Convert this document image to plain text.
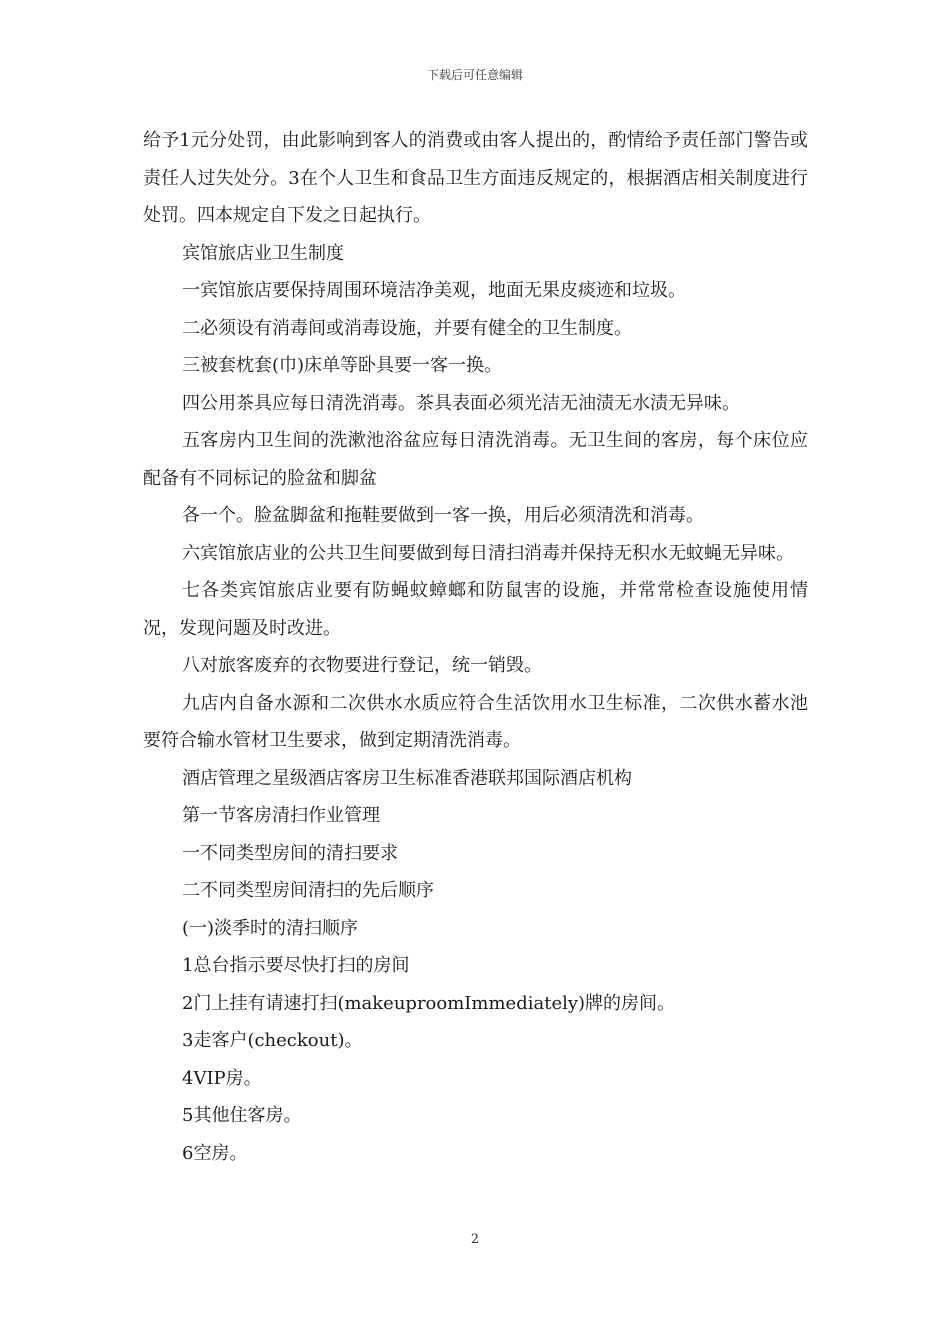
下载后可任意编辑

给予1元分处罚，由此影响到客人的消费或由客人提出的，酌情给予责任部门警告或责任人过失处分。3在个人卫生和食品卫生方面违反规定的，根据酒店相关制度进行处罚。四本规定自下发之日起执行。

宾馆旅店业卫生制度

一宾馆旅店要保持周围环境洁净美观，地面无果皮痰迹和垃圾。

二必须设有消毒间或消毒设施，并要有健全的卫生制度。

三被套枕套(巾)床单等卧具要一客一换。

四公用茶具应每日清洗消毒。茶具表面必须光洁无油渍无水渍无异味。

五客房内卫生间的洗漱池浴盆应每日清洗消毒。无卫生间的客房，每个床位应配备有不同标记的脸盆和脚盆

各一个。脸盆脚盆和拖鞋要做到一客一换，用后必须清洗和消毒。

六宾馆旅店业的公共卫生间要做到每日清扫消毒并保持无积水无蚊蝇无异味。

七各类宾馆旅店业要有防蝇蚊蟑螂和防鼠害的设施，并常常检查设施使用情况，发现问题及时改进。

八对旅客废弃的衣物要进行登记，统一销毁。

九店内自备水源和二次供水水质应符合生活饮用水卫生标准，二次供水蓄水池要符合输水管材卫生要求，做到定期清洗消毒。

酒店管理之星级酒店客房卫生标准香港联邦国际酒店机构

第一节客房清扫作业管理

一不同类型房间的清扫要求

二不同类型房间清扫的先后顺序

(一)淡季时的清扫顺序

1总台指示要尽快打扫的房间

2门上挂有请速打扫(makeuproomImmediately)牌的房间。

3走客户(checkout)。

4VIP房。

5其他住客房。

6空房。

2
